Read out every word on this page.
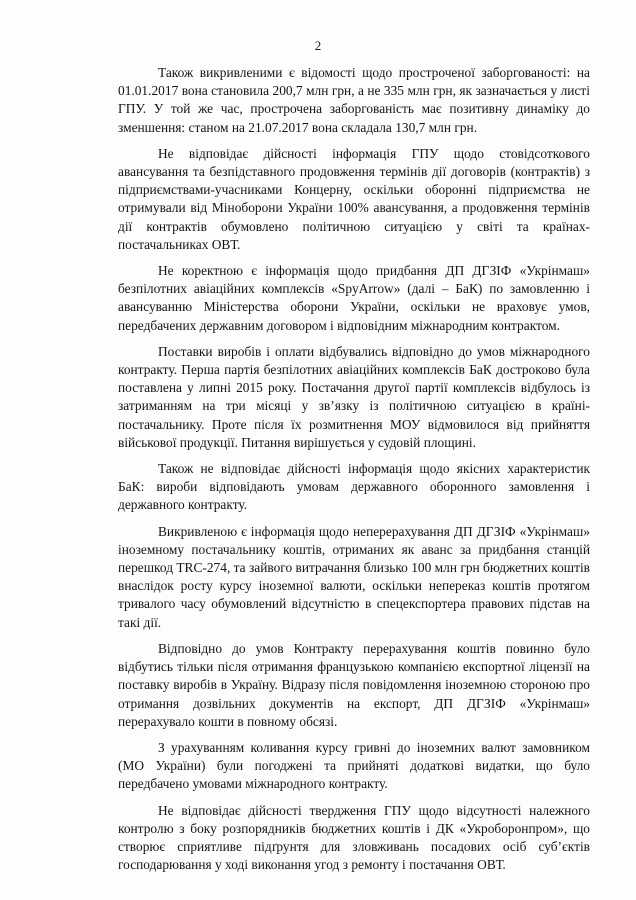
2

Також викривленими є відомості щодо простроченої заборгованості: на 01.01.2017 вона становила 200,7 млн грн, а не 335 млн грн, як зазначається у листі ГПУ. У той же час, прострочена заборгованість має позитивну динаміку до зменшення: станом на 21.07.2017 вона складала 130,7 млн грн.

Не відповідає дійсності інформація ГПУ щодо стовідсоткового авансування та безпідставного продовження термінів дії договорів (контрактів) з підприємствами-учасниками Концерну, оскільки оборонні підприємства не отримували від Міноборони України 100% авансування, а продовження термінів дії контрактів обумовлено політичною ситуацією у світі та країнах-постачальниках ОВТ.

Не коректною є інформація щодо придбання ДП ДГЗІФ «Укрінмаш» безпілотних авіаційних комплексів «SpyArrow» (далі – БаК) по замовленню і авансуванню Міністерства оборони України, оскільки не враховує умов, передбачених державним договором і відповідним міжнародним контрактом.

Поставки виробів і оплати відбувались відповідно до умов міжнародного контракту. Перша партія безпілотних авіаційних комплексів БаК достроково була поставлена у липні 2015 року. Постачання другої партії комплексів відбулось із затриманням на три місяці у зв’язку із політичною ситуацією в країні-постачальнику. Проте після їх розмитнення МОУ відмовилося від прийняття військової продукції. Питання вирішується у судовій площині.

Також не відповідає дійсності інформація щодо якісних характеристик БаК: вироби відповідають умовам державного оборонного замовлення і державного контракту.

Викривленою є інформація щодо неперерахування ДП ДГЗІФ «Укрінмаш» іноземному постачальнику коштів, отриманих як аванс за придбання станцій перешкод TRC-274, та зайвого витрачання близько 100 млн грн бюджетних коштів внаслідок росту курсу іноземної валюти, оскільки непереказ коштів протягом тривалого часу обумовлений відсутністю в спецекспортера правових підстав на такі дії.

Відповідно до умов Контракту перерахування коштів повинно було відбутись тільки після отримання французькою компанією експортної ліцензії на поставку виробів в Україну. Відразу після повідомлення іноземною стороною про отримання дозвільних документів на експорт, ДП ДГЗІФ «Укрінмаш» перерахувало кошти в повному обсязі.

З урахуванням коливання курсу гривні до іноземних валют замовником (МО України) були погоджені та прийняті додаткові видатки, що було передбачено умовами міжнародного контракту.

Не відповідає дійсності твердження ГПУ щодо відсутності належного контролю з боку розпорядників бюджетних коштів і ДК «Укроборонпром», що створює сприятливе підґрунтя для зловживань посадових осіб суб’єктів господарювання у ході виконання угод з ремонту і постачання ОВТ.
